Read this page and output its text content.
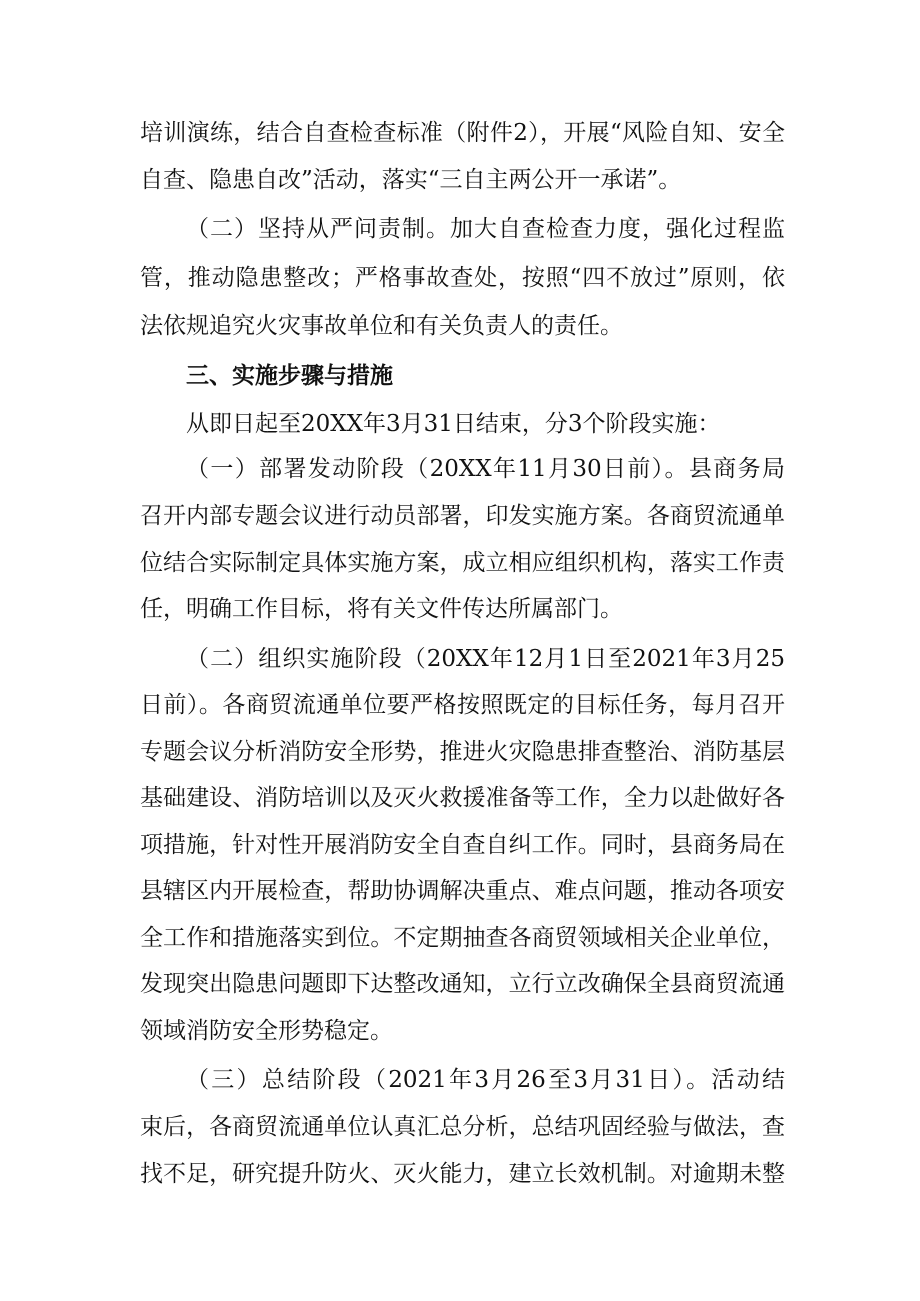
培训演练，结合自查检查标准（附件2），开展“风险自知、安全
自查、隐患自改”活动，落实“三自主两公开一承诺”。
（二）坚持从严问责制。加大自查检查力度，强化过程监
管，推动隐患整改；严格事故查处，按照“四不放过”原则，依
法依规追究火灾事故单位和有关负责人的责任。
三、实施步骤与措施
从即日起至20XX年3月31日结束，分3个阶段实施：
（一）部署发动阶段（20XX年11月30日前）。县商务局
召开内部专题会议进行动员部署，印发实施方案。各商贸流通单
位结合实际制定具体实施方案，成立相应组织机构，落实工作责
任，明确工作目标，将有关文件传达所属部门。
（二）组织实施阶段（20XX年12月1日至2021年3月25
日前）。各商贸流通单位要严格按照既定的目标任务，每月召开
专题会议分析消防安全形势，推进火灾隐患排查整治、消防基层
基础建设、消防培训以及灭火救援准备等工作，全力以赴做好各
项措施，针对性开展消防安全自查自纠工作。同时，县商务局在
县辖区内开展检查，帮助协调解决重点、难点问题，推动各项安
全工作和措施落实到位。不定期抽查各商贸领域相关企业单位，
发现突出隐患问题即下达整改通知，立行立改确保全县商贸流通
领域消防安全形势稳定。
（三）总结阶段（2021年3月26至3月31日）。活动结
束后，各商贸流通单位认真汇总分析，总结巩固经验与做法，查
找不足，研究提升防火、灭火能力，建立长效机制。对逾期未整
